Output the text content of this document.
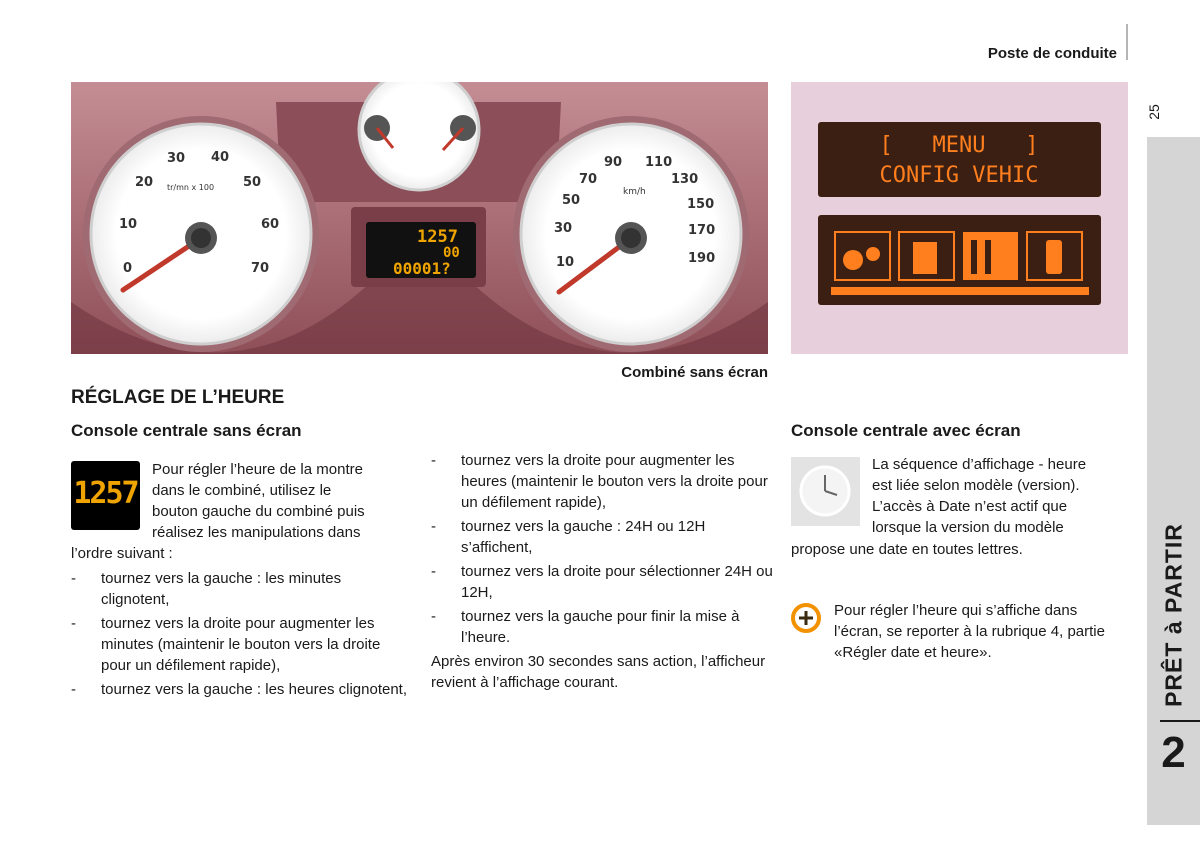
Poste de conduite
25
PRÊT à PARTIR
2
0
10
20
30 40
50
60
70
tr/mn x 100
1257
00
00001?	10
30
50
70
90 110
130
150
170
190
km/h
Combiné sans écran
[   MENU   ]
CONFIG VEHIC
RÉGLAGE DE L’HEURE
Console centrale sans écran
1257

Pour régler l’heure de la montre

dans le combiné, utilisez le

bouton gauche du combiné puis

réalisez les manipulations dans

l’ordre suivant :

- tournez vers la gauche : les minutes clignotent,
- tournez vers la droite pour augmenter les minutes (maintenir le bouton vers la droite pour un défilement rapide),
- tournez vers la gauche : les heures clignotent,
- tournez vers la droite pour augmenter les heures (maintenir le bouton vers la droite pour un défilement rapide),
- tournez vers la gauche : 24H ou 12H s’affichent,
- tournez vers la droite pour sélectionner 24H ou 12H,
- tournez vers la gauche pour finir la mise à l’heure.

Après environ 30 secondes sans action, l’afficheur revient à l’affichage courant.

Console centrale avec écran

La séquence d’affichage - heure

est liée selon modèle (version).

L’accès à Date n’est actif que

lorsque la version du modèle

propose une date en toutes lettres.

Pour régler l’heure qui s’affiche dans l’écran, se reporter à la rubrique 4, partie «Régler date et heure».
